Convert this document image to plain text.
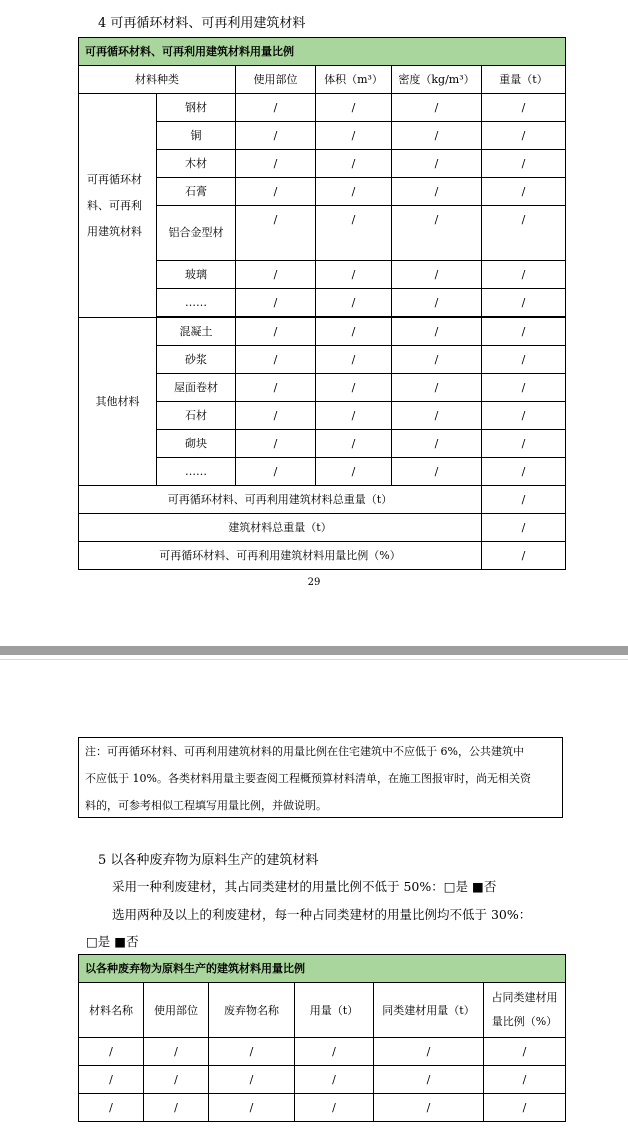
4 可再循环材料、可再利用建筑材料
可再循环材料、可再利用建筑材料用量比例					
材料种类		使用部位	体积（m³）	密度（kg/m³）	重量（t）
可再循环材料、可再利用建筑材料	钢材	/	/	/	/
	铜	/	/	/	/
	木材	/	/	/	/
	石膏	/	/	/	/
	铝合金型材	/	/	/	/
	玻璃	/	/	/	/
	……	/	/	/	/

其他材料	混凝土	/	/	/	/
	砂浆	/	/	/	/
	屋面卷材	/	/	/	/
	石材	/	/	/	/
	砌块	/	/	/	/
	……	/	/	/	/
可再循环材料、可再利用建筑材料总重量（t）					/
建筑材料总重量（t）					/
可再循环材料、可再利用建筑材料用量比例（%）					/
29
注：可再循环材料、可再利用建筑材料的用量比例在住宅建筑中不应低于 6%，公共建筑中
不应低于 10%。各类材料用量主要查阅工程概预算材料清单，在施工图报审时，尚无相关资
料的，可参考相似工程填写用量比例，并做说明。
5 以各种废弃物为原料生产的建筑材料
采用一种利废建材，其占同类建材的用量比例不低于 50%：□是 ■否
选用两种及以上的利废建材，每一种占同类建材的用量比例均不低于 30%：
□是 ■否
以各种废弃物为原料生产的建筑材料用量比例					
材料名称	使用部位	废弃物名称	用量（t）	同类建材用量（t）	占同类建材用量比例（%）
/	/	/	/	/	/
/	/	/	/	/	/
/	/	/	/	/	/
